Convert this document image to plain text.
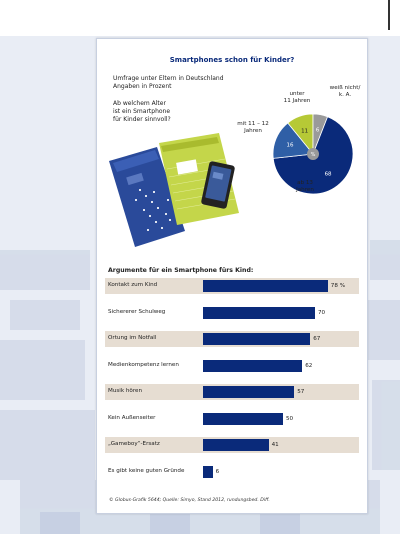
Smartphones schon für Kinder?
Umfrage unter Eltern in Deutschland
Angaben in Prozent
Ab welchem Alter
ist ein Smartphone
für Kinder sinnvoll?
11 6
68
16
%
unter
11 Jahren
weiß nicht/
k. A.
mit 11 – 12
Jahren
ab 13
Jahren
Argumente für ein Smartphone fürs Kind:
Kontakt zum Kind	78 %
Sichererer Schulweg	70
Ortung im Notfall	67
Medienkompetenz lernen	62
Musik hören	57
Kein Außenseiter	50
„Gameboy“-Ersatz	41
Es gibt keine guten Gründe	6
© Globus-Grafik 5644; Quelle: Simyo, Stand 2012, rundungsbed. Diff.
